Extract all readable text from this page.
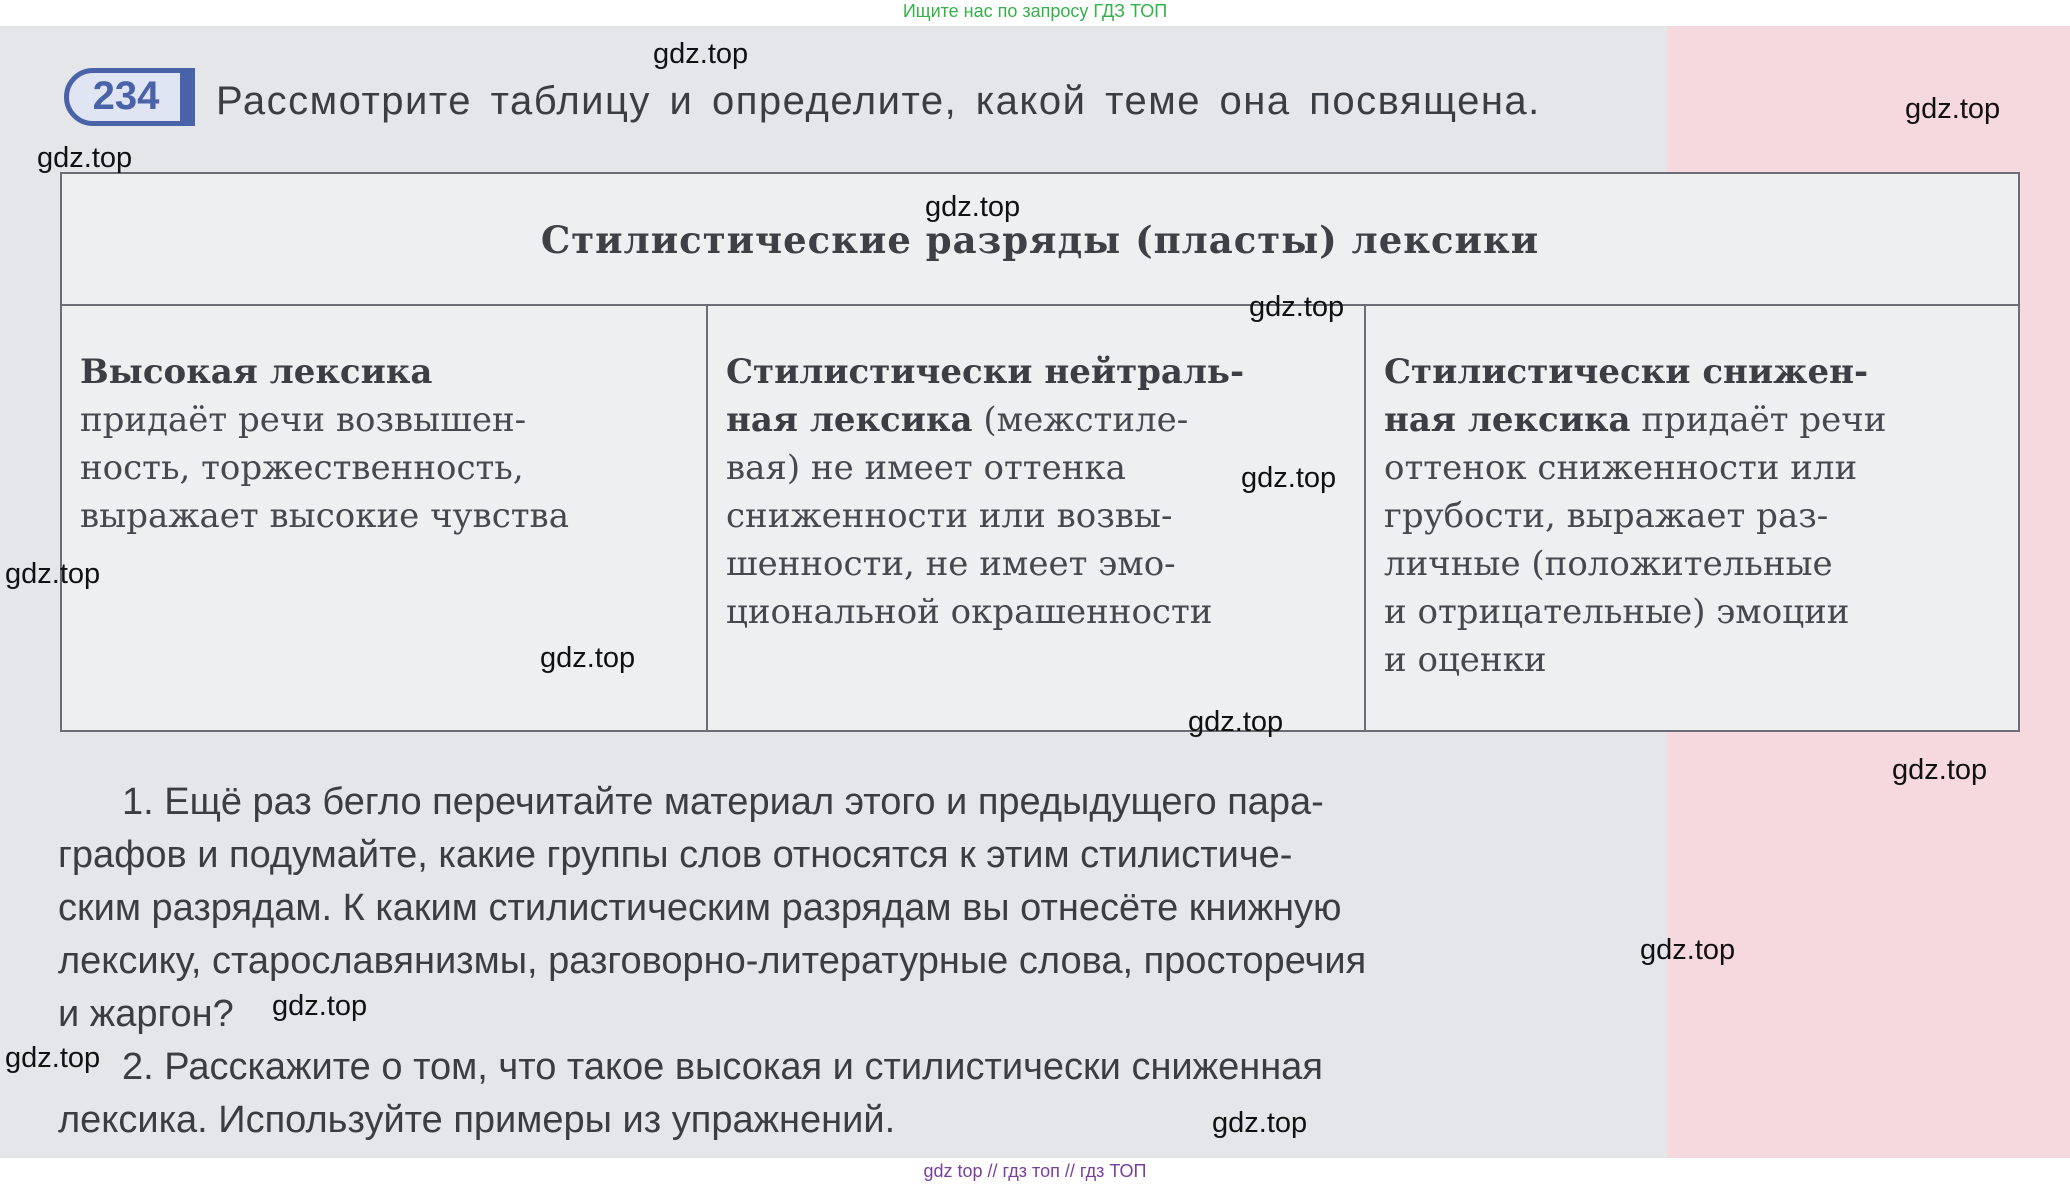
Ищите нас по запросу ГДЗ ТОП
234	Рассмотрите таблицу и определите, какой теме она посвящена.
Стилистические разряды (пласты) лексики
Высокая лексика
придаёт речи возвышен-
ность, торжественность,
выражает высокие чувства
Стилистически нейтраль-
ная лексика (межстиле-
вая) не имеет оттенка
сниженности или возвы-
шенности, не имеет эмо-
циональной окрашенности
Стилистически снижен-
ная лексика придаёт речи
оттенок сниженности или
грубости, выражает раз-
личные (положительные
и отрицательные) эмоции
и оценки
1. Ещё раз бегло перечитайте материал этого и предыдущего пара-
графов и подумайте, какие группы слов относятся к этим стилистиче-
ским разрядам. К каким стилистическим разрядам вы отнесёте книжную
лексику, старославянизмы, разговорно-литературные слова, просторечия
и жаргон?
2. Расскажите о том, что такое высокая и стилистически сниженная
лексика. Используйте примеры из упражнений.
gdz.top
gdz.top
gdz.top
gdz.top
gdz.top
gdz.top
gdz.top
gdz.top
gdz.top
gdz.top
gdz.top
gdz.top
gdz.top
gdz.top
gdz top // гдз топ // гдз ТОП
